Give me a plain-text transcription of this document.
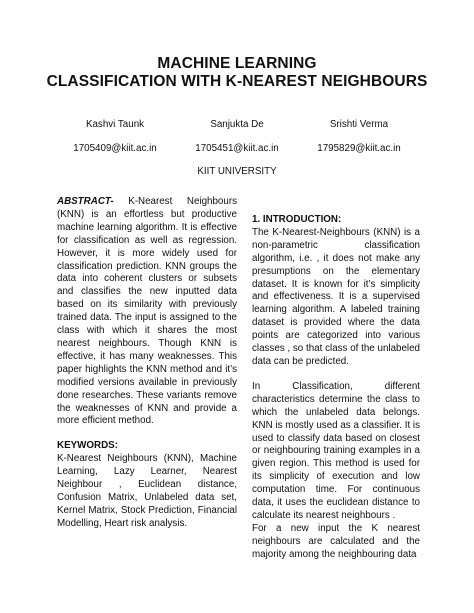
MACHINE LEARNING
CLASSIFICATION WITH K-NEAREST NEIGHBOURS
Kashvi Taunk
1705409@kiit.ac.in
Sanjukta De
1705451@kiit.ac.in
Srishti Verma
1795829@kiit.ac.in
KIIT UNIVERSITY

ABSTRACT- K-Nearest Neighbours (KNN) is an effortless but productive machine learning algorithm. It is effective for classification as well as regression. However, it is more widely used for classification prediction. KNN groups the data into coherent clusters or subsets and classifies the new inputted data based on its similarity with previously trained data. The input is assigned to the class with which it shares the most nearest neighbours. Though KNN is effective, it has many weaknesses. This paper highlights the KNN method and it’s modified versions available in previously done researches. These variants remove the weaknesses of KNN and provide a more efficient method.

KEYWORDS:

K-Nearest Neighbours (KNN), Machine Learning, Lazy Learner, Nearest Neighbour , Euclidean distance, Confusion Matrix, Unlabeled data set, Kernel Matrix, Stock Prediction, Financial Modelling, Heart risk analysis.

1. INTRODUCTION:

The K-Nearest-Neighbours (KNN) is a non-parametric classification algorithm, i.e. , it does not make any presumptions on the elementary dataset. It is known for it’s simplicity and effectiveness. It is a supervised learning algorithm. A labeled training dataset is provided where the data points are categorized into various classes , so that class of the unlabeled data can be predicted.

In Classification, different characteristics determine the class to which the unlabeled data belongs. KNN is mostly used as a classifier. It is used to classify data based on closest or neighbouring training examples in a given region. This method is used for its simplicity of execution and low computation time. For continuous data, it uses the euclidean distance to calculate its nearest neighbours .

For a new input the K nearest neighbours are calculated and the majority among the neighbouring data
